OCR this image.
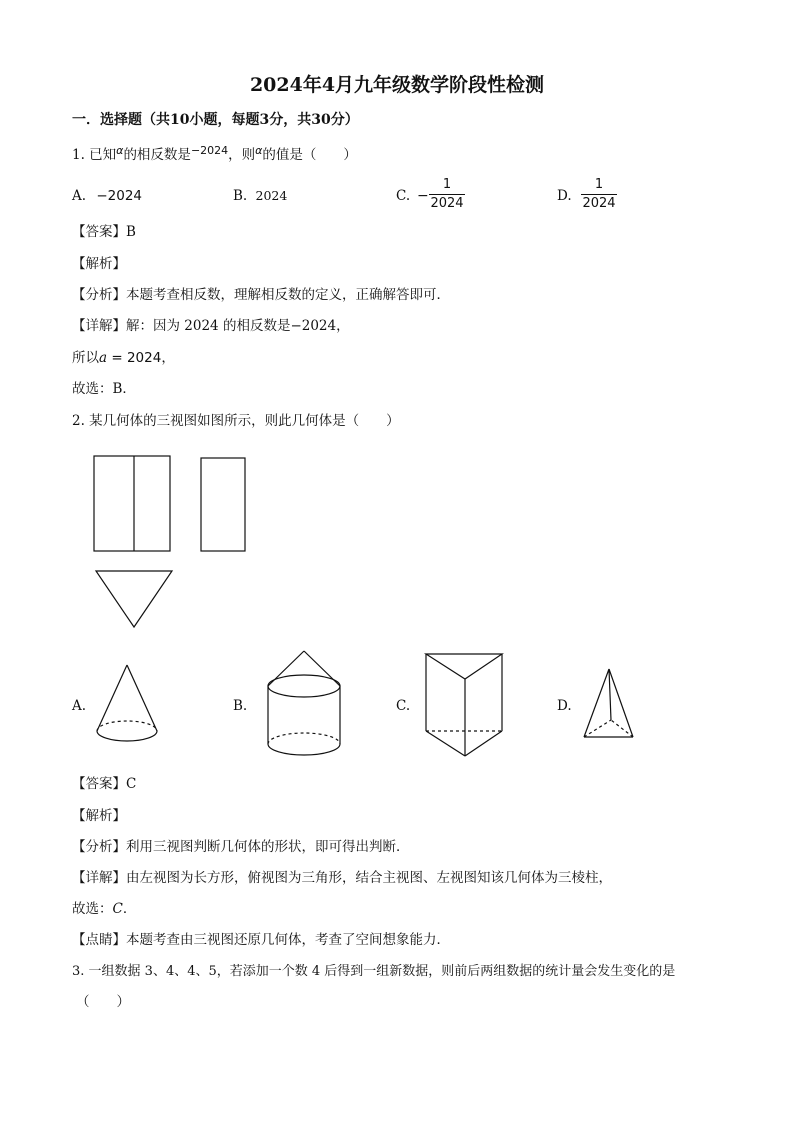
2024年4月九年级数学阶段性检测
一．选择题（共10小题，每题3分，共30分）
1. 已知$^\alpha$的相反数是$^{-2024}$，则$^\alpha$的值是（　　）
A. −2024	B. 2024	C. −
1
2024	D.
1
2024
【答案】B
【解析】
【分析】本题考查相反数，理解相反数的定义，正确解答即可．
【详解】解：因为 2024 的相反数是−2024，
所以a = 2024，
故选：B．
2. 某几何体的三视图如图所示，则此几何体是（　　）
A.	B.	C.	D.
【答案】C
【解析】
【分析】利用三视图判断几何体的形状，即可得出判断．
【详解】由左视图为长方形，俯视图为三角形，结合主视图、左视图知该几何体为三棱柱，
故选：C．
【点睛】本题考查由三视图还原几何体，考查了空间想象能力．
3. 一组数据 3、4、4、5，若添加一个数 4 后得到一组新数据，则前后两组数据的统计量会发生变化的是
（　　）
